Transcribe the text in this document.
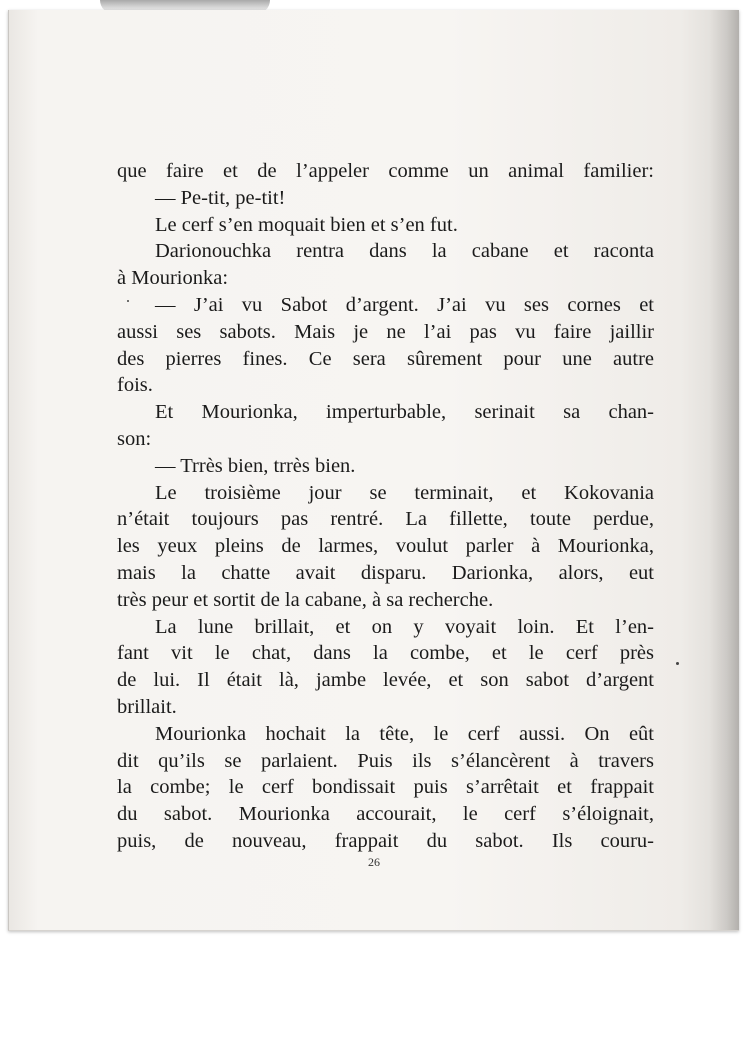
que faire et de l’appeler comme un animal familier:
— Pe-tit, pe-tit!
Le cerf s’en moquait bien et s’en fut.
Darionouchka rentra dans la cabane et raconta
à Mourionka:
— J’ai vu Sabot d’argent. J’ai vu ses cornes et
aussi ses sabots. Mais je ne l’ai pas vu faire jaillir
des pierres fines. Ce sera sûrement pour une autre
fois.
Et Mourionka, imperturbable, serinait sa chan-
son:
— Trrès bien, trrès bien.
Le troisième jour se terminait, et Kokovania
n’était toujours pas rentré. La fillette, toute perdue,
les yeux pleins de larmes, voulut parler à Mourionka,
mais la chatte avait disparu. Darionka, alors, eut
très peur et sortit de la cabane, à sa recherche.
La lune brillait, et on y voyait loin. Et l’en-
fant vit le chat, dans la combe, et le cerf près
de lui. Il était là, jambe levée, et son sabot d’argent
brillait.
Mourionka hochait la tête, le cerf aussi. On eût
dit qu’ils se parlaient. Puis ils s’élancèrent à travers
la combe; le cerf bondissait puis s’arrêtait et frappait
du sabot. Mourionka accourait, le cerf s’éloignait,
puis, de nouveau, frappait du sabot. Ils couru-
26
